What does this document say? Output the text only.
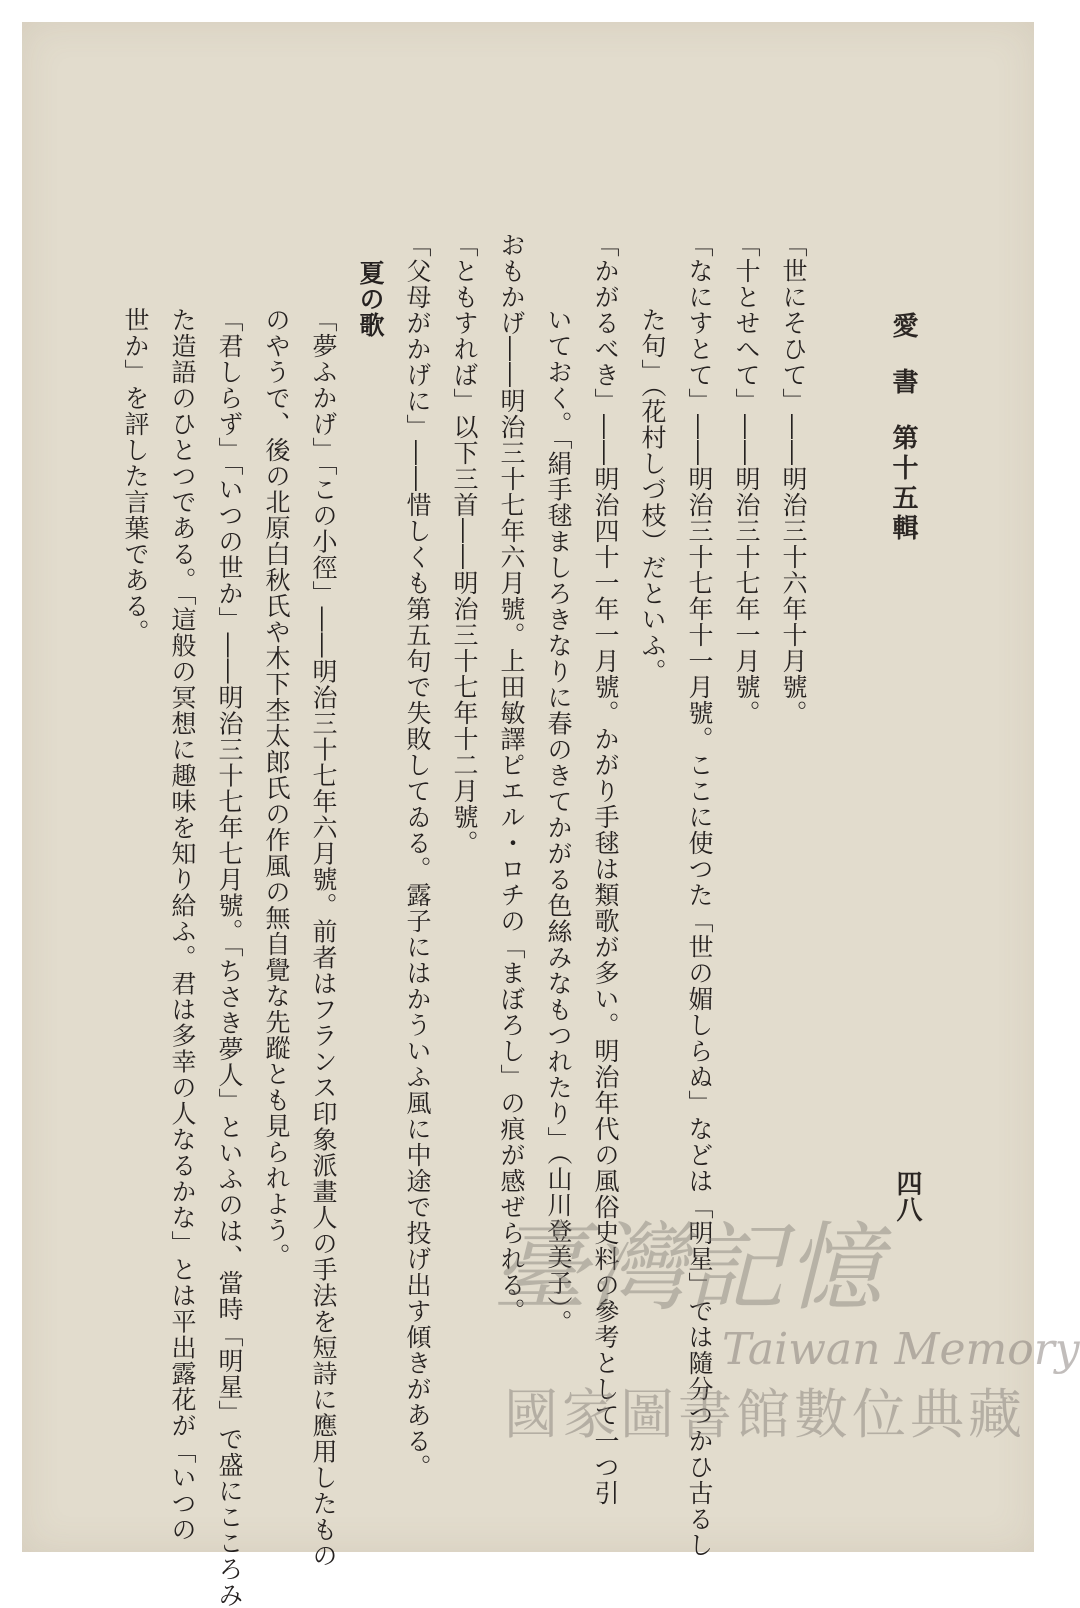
愛書第十五輯
四八
「世にそひて」――明治三十六年十月號。
「十とせへて」――明治三十七年一月號。
「なにすとて」――明治三十七年十一月號。ここに使つた「世の媚しらぬ」などは「明星」では隨分つかひ古るし
た句」（花村しづ枝）だといふ。
「かがるべき」――明治四十一年一月號。かがり手毬は類歌が多い。明治年代の風俗史料の參考として一つ引
いておく。「絹手毬ましろきなりに春のきてかがる色絲みなもつれたり」（山川登美子）。
おもかげ――明治三十七年六月號。上田敏譯ピエル・ロチの「まぼろし」の痕が感ぜられる。
「ともすれば」以下三首――明治三十七年十二月號。
「父母がかげに」――惜しくも第五句で失敗してゐる。露子にはかういふ風に中途で投げ出す傾きがある。
夏の歌
「夢ふかげ」「この小徑」――明治三十七年六月號。前者はフランス印象派畫人の手法を短詩に應用したもの
のやうで、後の北原白秋氏や木下杢太郎氏の作風の無自覺な先蹤とも見られよう。
「君しらず」「いつの世か」――明治三十七年七月號。「ちさき夢人」といふのは、當時「明星」で盛にこころみ
た造語のひとつである。「這般の冥想に趣味を知り給ふ。君は多幸の人なるかな」とは平出露花が「いつの
世か」を評した言葉である。
臺灣記憶
Taiwan Memory
國家圖書館數位典藏
